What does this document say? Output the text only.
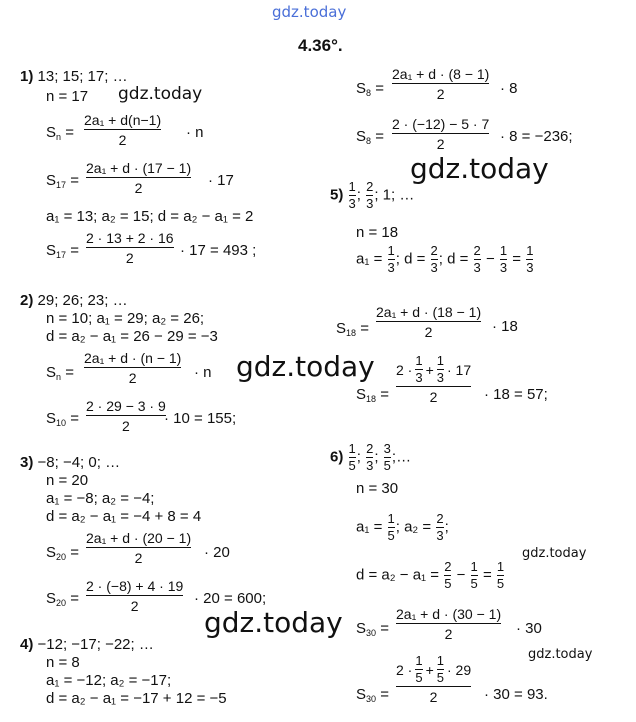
gdz.today
4.36°.
1) 13; 15; 17; …
n = 17 gdz.today
$S_n$ =
2a₁ + d(n−1)
2	· n
$S_{17}$ =
2a₁ + d · (17 − 1)
2	· 17
a₁ = 13; a₂ = 15; d = a₂ − a₁ = 2
$S_{17}$ =
2 · 13 + 2 · 16
2	· 17 = 493 ;
2) 29; 26; 23; …
n = 10; a₁ = 29; a₂ = 26;
d = a₂ − a₁ = 26 − 29 = −3
$S_n$ =
2a₁ + d · (n − 1)
2	· n
$S_{10}$ =
2 · 29 − 3 · 9
2 · 10 = 155;
gdz.today
3) −8; −4; 0; …
n = 20
a₁ = −8; a₂ = −4;
d = a₂ − a₁ = −4 + 8 = 4
$S_{20}$ =
2a₁ + d · (20 − 1)
2	· 20
$S_{20}$ =
2 · (−8) + 4 · 19
2	· 20 = 600;
4) −12; −17; −22; …
n = 8
a₁ = −12; a₂ = −17;
d = a₂ − a₁ = −17 + 12 = −5
gdz.today
$S_8$ =
2a₁ + d · (8 − 1)
2	· 8
$S_8$ =
2 · (−12) − 5 · 7
2	· 8 = −236;
gdz.today
$5) \frac{1}{3}$ ; $\frac{2}{3}$ ; 1; …
n = 18
$a_1 = \frac{1}{3}$ ; $d = \frac{2}{3}$ ; $d = \frac{2}{3} - \frac{1}{3} = \frac{1}{3}$
$S_{18}$ =
2a₁ + d · (18 − 1)
2	· 18
$S_{18}$ =
2 ·
1
3 +
1
3 · 17
2	· 18 = 57;
$6) \frac{1}{5}$ ; $\frac{2}{3}$ ; $\frac{3}{5}$ ;…
n = 30
$a_1 = \frac{1}{5}$ ; $a_2 = \frac{2}{3}$ ;
$d = a_2 - a_1 = \frac{2}{5} - \frac{1}{5} = \frac{1}{5}$
gdz.today
$S_{30}$ =
2a₁ + d · (30 − 1)
2	· 30
gdz.today
$S_{30}$ =
2 ·
1
5 +
1
5 · 29
2	· 30 = 93.
